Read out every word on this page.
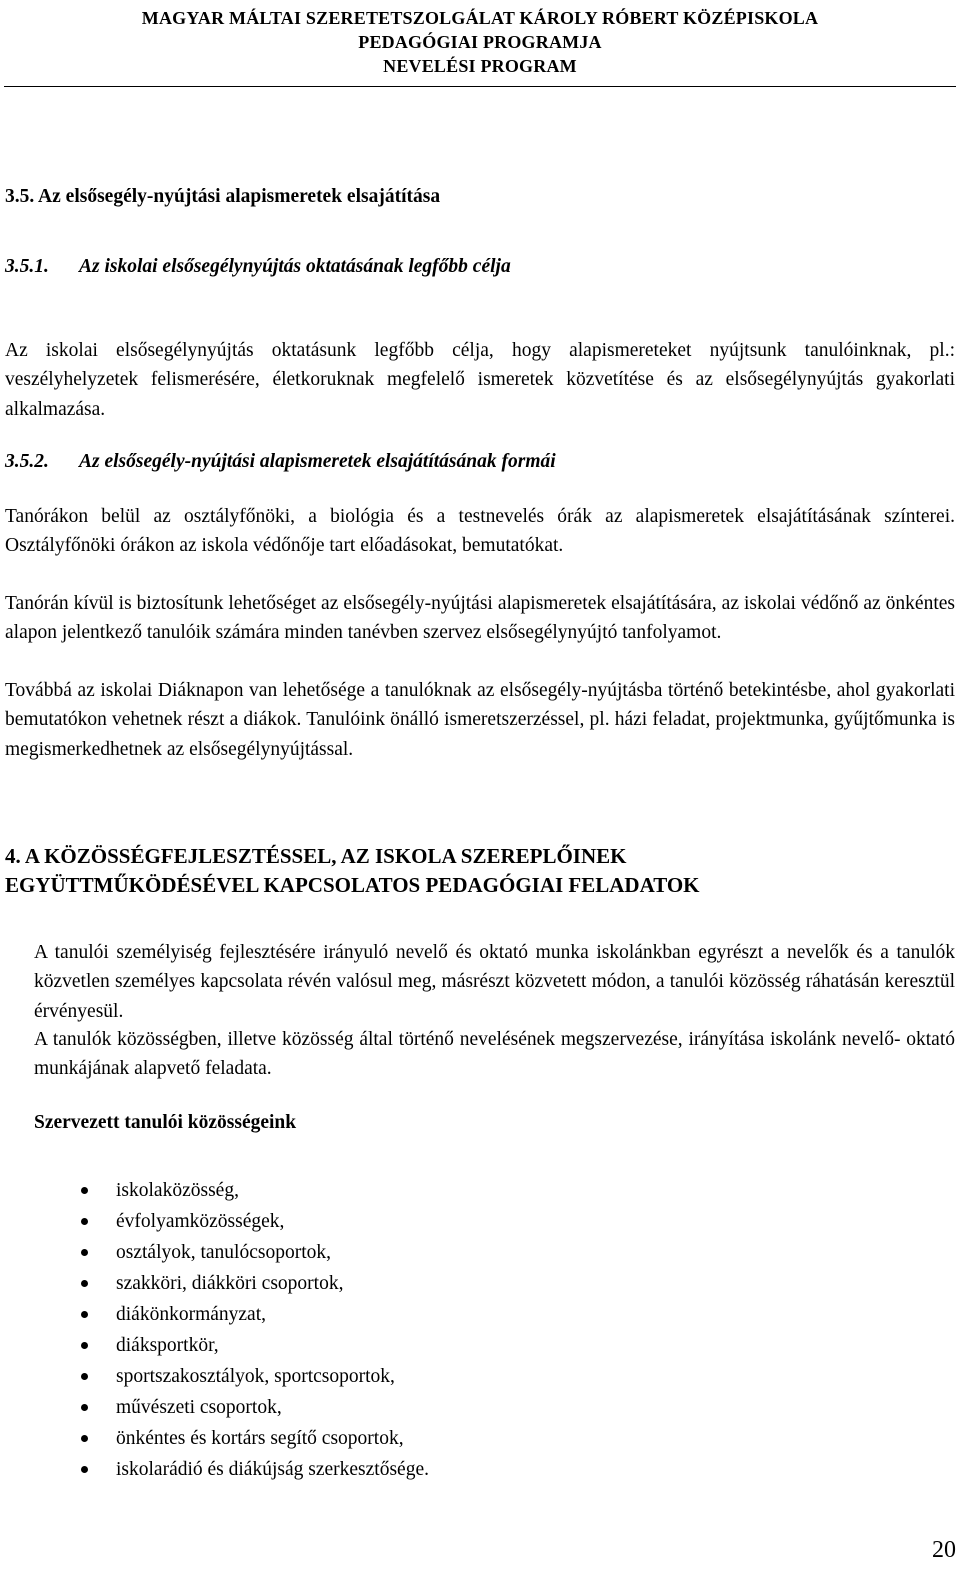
MAGYAR MÁLTAI SZERETETSZOLGÁLAT KÁROLY RÓBERT KÖZÉPISKOLA
PEDAGÓGIAI PROGRAMJA
NEVELÉSI PROGRAM
3.5. Az elsősegély-nyújtási alapismeretek elsajátítása
3.5.1. Az iskolai elsősegélynyújtás oktatásának legfőbb célja

Az iskolai elsősegélynyújtás oktatásunk legfőbb célja, hogy alapismereteket nyújtsunk tanulóinknak, pl.: veszélyhelyzetek felismerésére, életkoruknak megfelelő ismeretek közvetítése és az elsősegélynyújtás gyakorlati alkalmazása.

3.5.2. Az elsősegély-nyújtási alapismeretek elsajátításának formái

Tanórákon belül az osztályfőnöki, a biológia és a testnevelés órák az alapismeretek elsajátításának színterei. Osztályfőnöki órákon az iskola védőnője tart előadásokat, bemutatókat.

Tanórán kívül is biztosítunk lehetőséget az elsősegély-nyújtási alapismeretek elsajátítására, az iskolai védőnő az önkéntes alapon jelentkező tanulóik számára minden tanévben szervez elsősegélynyújtó tanfolyamot.

Továbbá az iskolai Diáknapon van lehetősége a tanulóknak az elsősegély-nyújtásba történő betekintésbe, ahol gyakorlati bemutatókon vehetnek részt a diákok. Tanulóink önálló ismeretszerzéssel, pl. házi feladat, projektmunka, gyűjtőmunka is megismerkedhetnek az elsősegélynyújtással.

4. A KÖZÖSSÉGFEJLESZTÉSSEL, AZ ISKOLA SZEREPLŐINEK
EGYÜTTMŰKÖDÉSÉVEL KAPCSOLATOS PEDAGÓGIAI FELADATOK

A tanulói személyiség fejlesztésére irányuló nevelő és oktató munka iskolánkban egyrészt a nevelők és a tanulók közvetlen személyes kapcsolata révén valósul meg, másrészt közvetett módon, a tanulói közösség ráhatásán keresztül érvényesül.

A tanulók közösségben, illetve közösség által történő nevelésének megszervezése, irányítása iskolánk nevelő- oktató munkájának alapvető feladata.

Szervezett tanulói közösségeink
iskolaközösség,
évfolyamközösségek,
osztályok, tanulócsoportok,
szakköri, diákköri csoportok,
diákönkormányzat,
diáksportkör,
sportszakosztályok, sportcsoportok,
művészeti csoportok,
önkéntes és kortárs segítő csoportok,
iskolarádió és diákújság szerkesztősége.
20
